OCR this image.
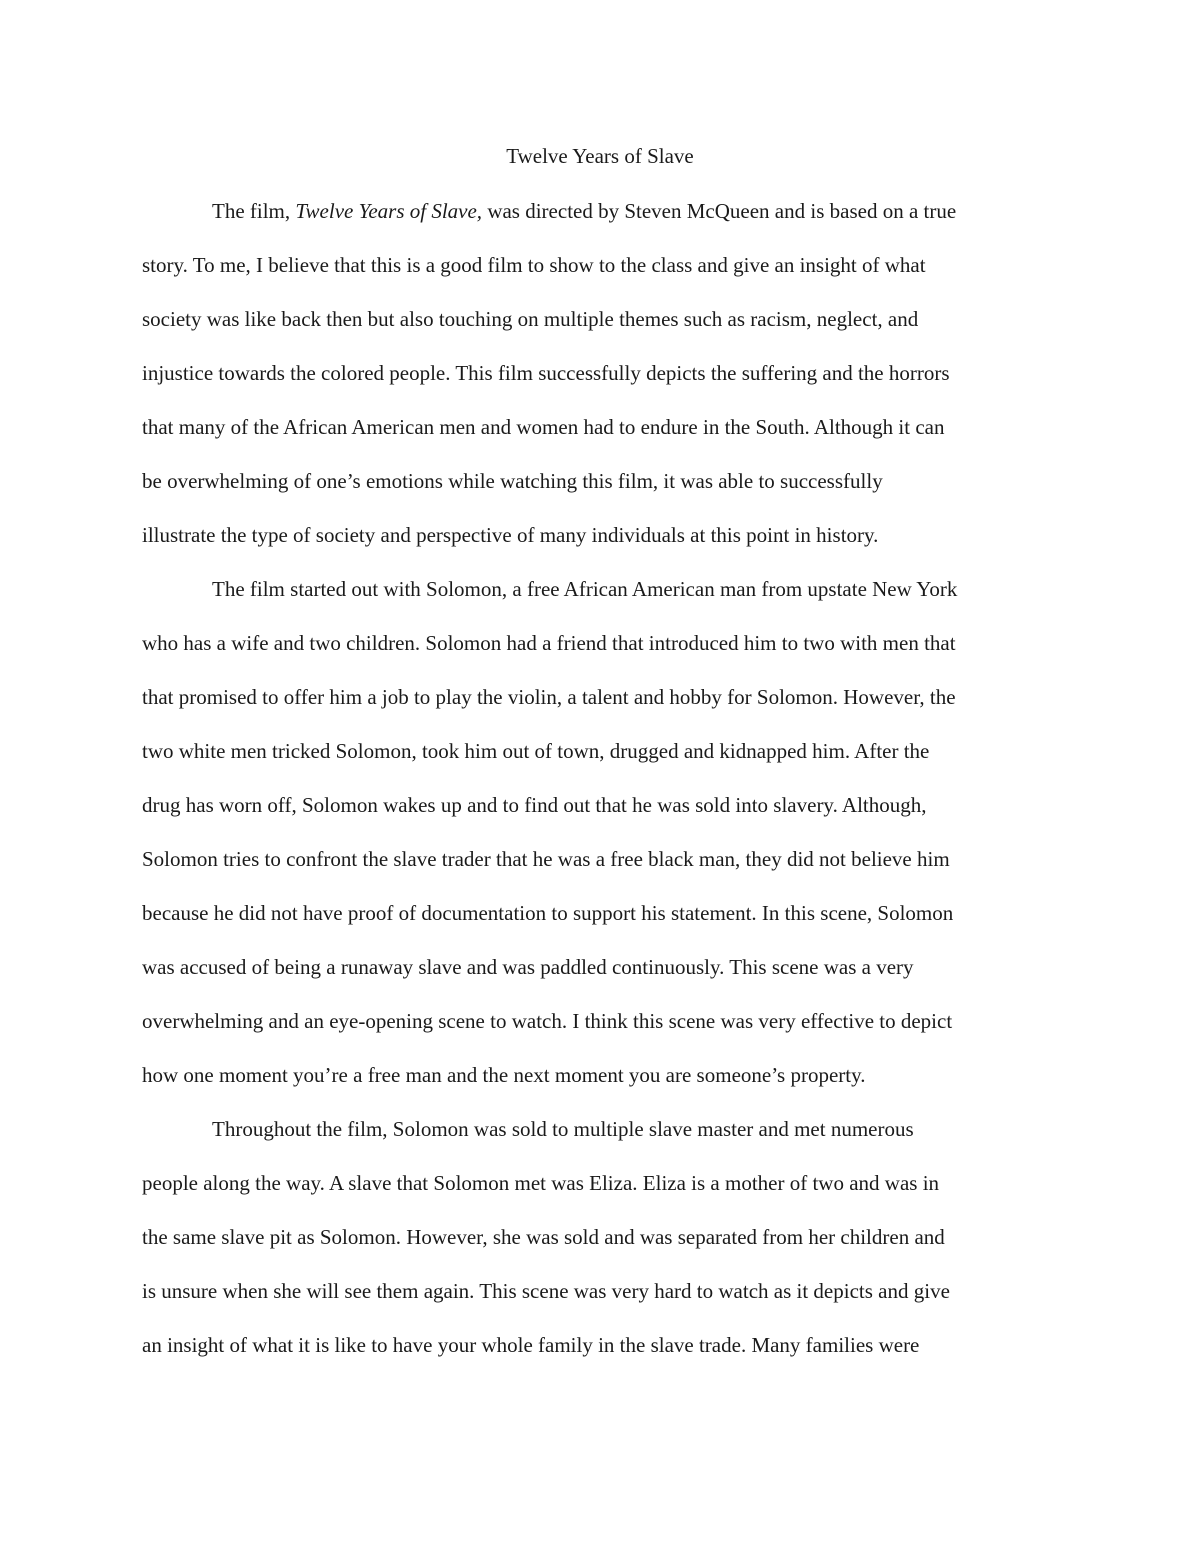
Twelve Years of Slave

The film, Twelve Years of Slave, was directed by Steven McQueen and is based on a true

story. To me, I believe that this is a good film to show to the class and give an insight of what

society was like back then but also touching on multiple themes such as racism, neglect, and

injustice towards the colored people. This film successfully depicts the suffering and the horrors

that many of the African American men and women had to endure in the South. Although it can

be overwhelming of one’s emotions while watching this film, it was able to successfully

illustrate the type of society and perspective of many individuals at this point in history.

The film started out with Solomon, a free African American man from upstate New York

who has a wife and two children. Solomon had a friend that introduced him to two with men that

that promised to offer him a job to play the violin, a talent and hobby for Solomon. However, the

two white men tricked Solomon, took him out of town, drugged and kidnapped him. After the

drug has worn off, Solomon wakes up and to find out that he was sold into slavery. Although,

Solomon tries to confront the slave trader that he was a free black man, they did not believe him

because he did not have proof of documentation to support his statement. In this scene, Solomon

was accused of being a runaway slave and was paddled continuously. This scene was a very

overwhelming and an eye-opening scene to watch. I think this scene was very effective to depict

how one moment you’re a free man and the next moment you are someone’s property.

Throughout the film, Solomon was sold to multiple slave master and met numerous

people along the way. A slave that Solomon met was Eliza. Eliza is a mother of two and was in

the same slave pit as Solomon. However, she was sold and was separated from her children and

is unsure when she will see them again. This scene was very hard to watch as it depicts and give

an insight of what it is like to have your whole family in the slave trade. Many families were
